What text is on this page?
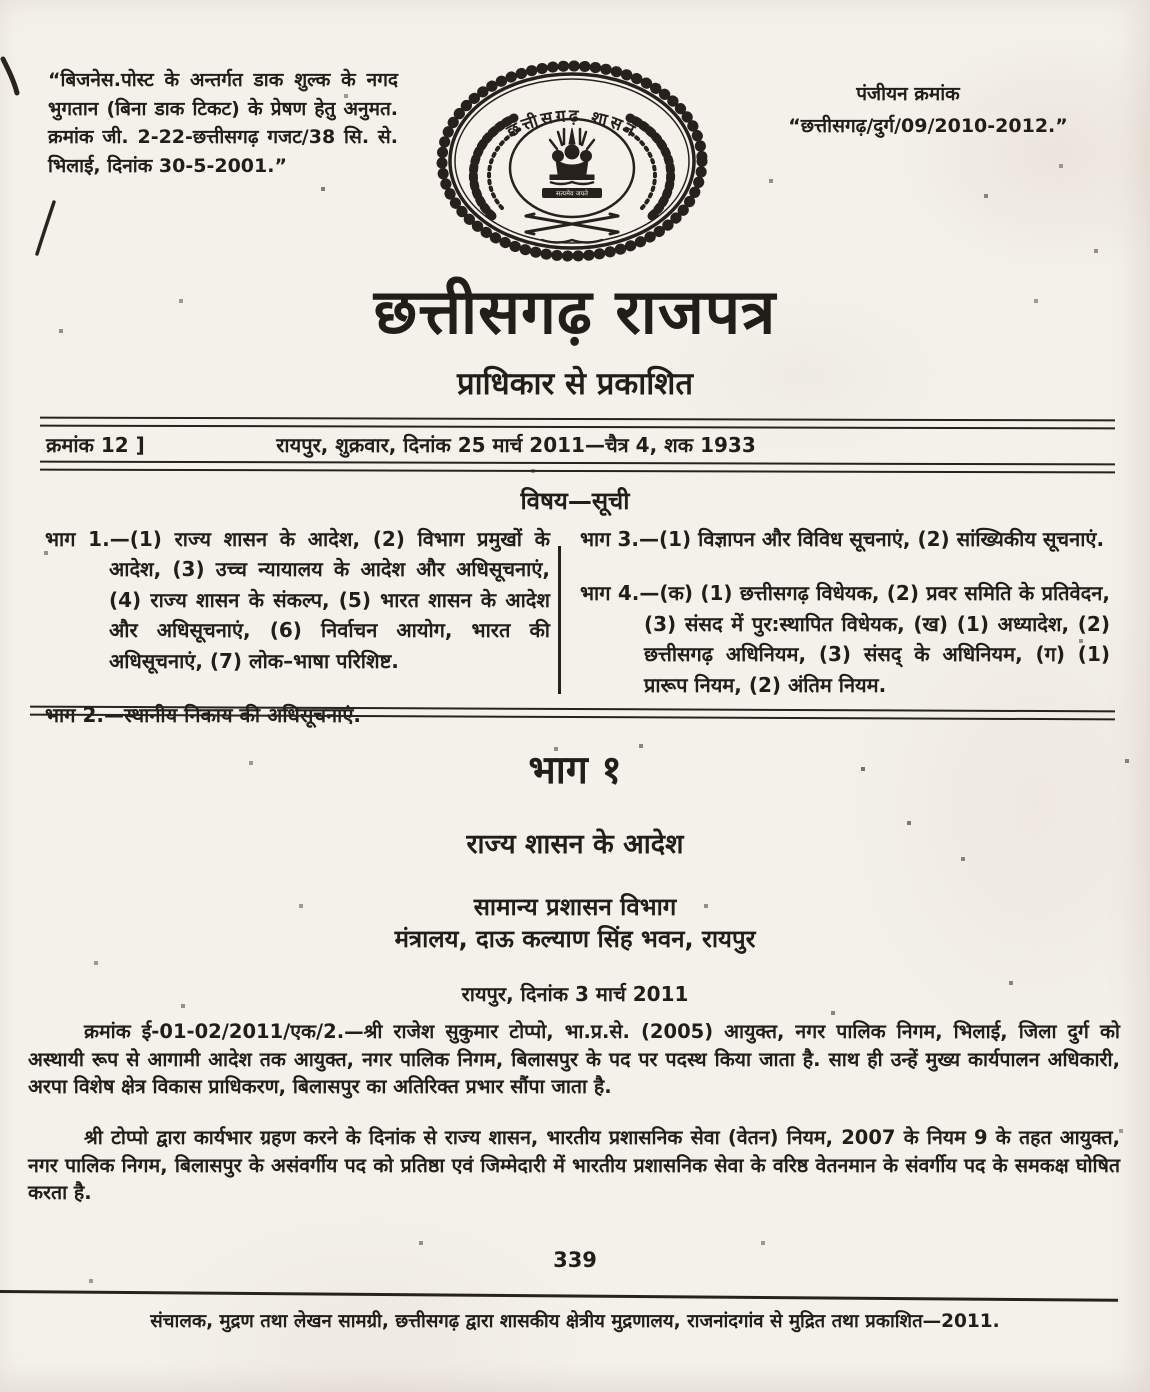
“बिजनेस.पोस्ट के अन्तर्गत डाक शुल्क के नगद भुगतान (बिना डाक टिकट) के प्रेषण हेतु अनुमत. क्रमांक जी. 2-22-छत्तीसगढ़ गजट/38 सि. से. भिलाई, दिनांक 30-5-2001.”
पंजीयन क्रमांक
“छत्तीसगढ़/दुर्ग/09/2010-2012.”
छत्तीसगढ़ शासन
सत्यमेव जयते
छत्तीसगढ़ राजपत्र
प्राधिकार से प्रकाशित
क्रमांक 12 ]	रायपुर, शुक्रवार, दिनांक 25 मार्च 2011—चैत्र 4, शक 1933
विषय—सूची

भाग 1.—(1) राज्य शासन के आदेश, (2) विभाग प्रमुखों के आदेश, (3) उच्च न्यायालय के आदेश और अधिसूचनाएं, (4) राज्य शासन के संकल्प, (5) भारत शासन के आदेश और अधिसूचनाएं, (6) निर्वाचन आयोग, भारत की अधिसूचनाएं, (7) लोक–भाषा परिशिष्ट.

भाग 2.—स्थानीय निकाय की अधिसूचनाएं.

भाग 3.—(1) विज्ञापन और विविध सूचनाएं, (2) सांख्यिकीय सूचनाएं.

भाग 4.—(क) (1) छत्तीसगढ़ विधेयक, (2) प्रवर समिति के प्रतिवेदन, (3) संसद में पुर:स्थापित विधेयक, (ख) (1) अध्यादेश, (2) छत्तीसगढ़ अधिनियम, (3) संसद् के अधिनियम, (ग) (1) प्रारूप नियम, (2) अंतिम नियम.

भाग १
राज्य शासन के आदेश
सामान्य प्रशासन विभाग
मंत्रालय, दाऊ कल्याण सिंह भवन, रायपुर
रायपुर, दिनांक 3 मार्च 2011

क्रमांक ई-01-02/2011/एक/2.—श्री राजेश सुकुमार टोप्पो, भा.प्र.से. (2005) आयुक्त, नगर पालिक निगम, भिलाई, जिला दुर्ग को अस्थायी रूप से आगामी आदेश तक आयुक्त, नगर पालिक निगम, बिलासपुर के पद पर पदस्थ किया जाता है. साथ ही उन्हें मुख्य कार्यपालन अधिकारी, अरपा विशेष क्षेत्र विकास प्राधिकरण, बिलासपुर का अतिरिक्त प्रभार सौंपा जाता है.

श्री टोप्पो द्वारा कार्यभार ग्रहण करने के दिनांक से राज्य शासन, भारतीय प्रशासनिक सेवा (वेतन) नियम, 2007 के नियम 9 के तहत आयुक्त, नगर पालिक निगम, बिलासपुर के असंवर्गीय पद को प्रतिष्ठा एवं जिम्मेदारी में भारतीय प्रशासनिक सेवा के वरिष्ठ वेतनमान के संवर्गीय पद के समकक्ष घोषित करता है.

339
संचालक, मुद्रण तथा लेखन सामग्री, छत्तीसगढ़ द्वारा शासकीय क्षेत्रीय मुद्रणालय, राजनांदगांव से मुद्रित तथा प्रकाशित—2011.
